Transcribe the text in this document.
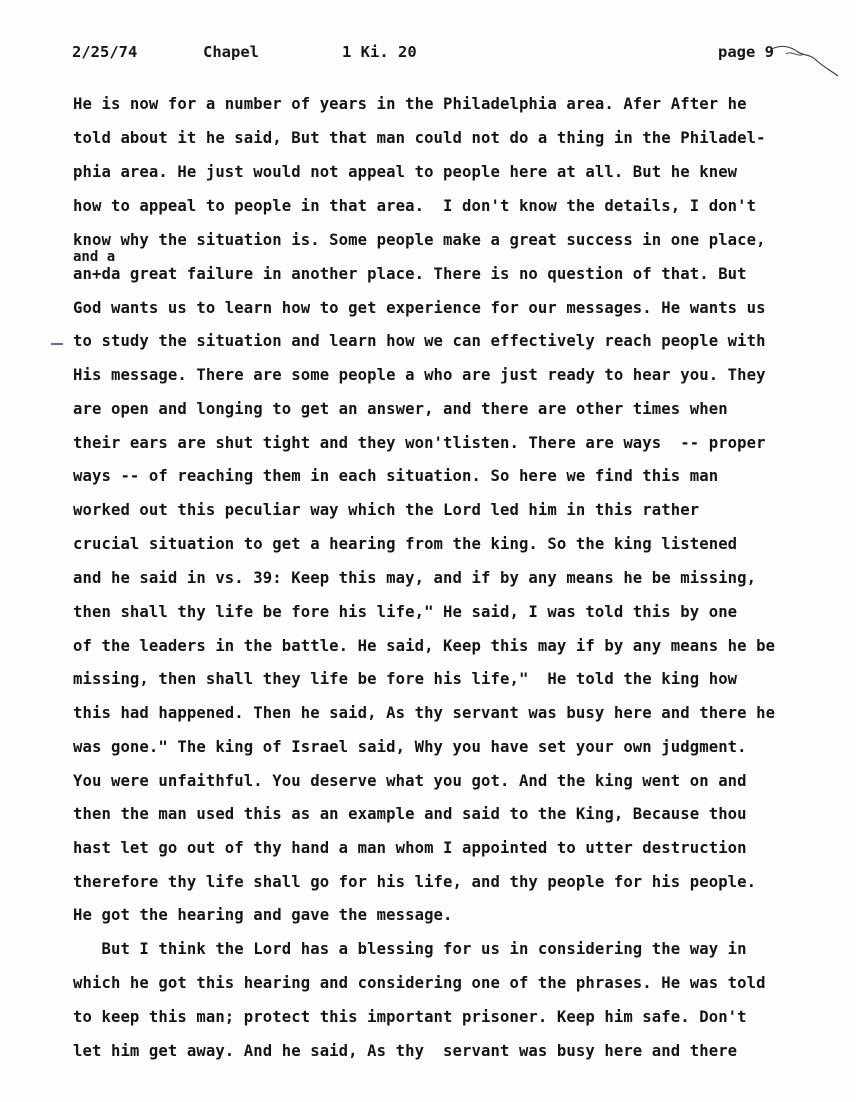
2/25/74

	Chapel

	1 Ki. 20

	page 9

and a
He is now for a number of years in the Philadelphia area. Afer After he
told about it he said, But that man could not do a thing in the Philadel-
phia area. He just would not appeal to people here at all. But he knew
how to appeal to people in that area.  I don't know the details, I don't
know why the situation is. Some people make a great success in one place,
an+da great failure in another place. There is no question of that. But
God wants us to learn how to get experience for our messages. He wants us
to study the situation and learn how we can effectively reach people with
His message. There are some people a who are just ready to hear you. They
are open and longing to get an answer, and there are other times when
their ears are shut tight and they won'tlisten. There are ways  -- proper
ways -- of reaching them in each situation. So here we find this man
worked out this peculiar way which the Lord led him in this rather
crucial situation to get a hearing from the king. So the king listened
and he said in vs. 39: Keep this may, and if by any means he be missing,
then shall thy life be fore his life," He said, I was told this by one
of the leaders in the battle. He said, Keep this may if by any means he be
missing, then shall they life be fore his life,"  He told the king how
this had happened. Then he said, As thy servant was busy here and there he
was gone." The king of Israel said, Why you have set your own judgment.
You were unfaithful. You deserve what you got. And the king went on and
then the man used this as an example and said to the King, Because thou
hast let go out of thy hand a man whom I appointed to utter destruction
therefore thy life shall go for his life, and thy people for his people.
He got the hearing and gave the message.
But I think the Lord has a blessing for us in considering the way in
which he got this hearing and considering one of the phrases. He was told
to keep this man; protect this important prisoner. Keep him safe. Don't
let him get away. And he said, As thy  servant was busy here and there
